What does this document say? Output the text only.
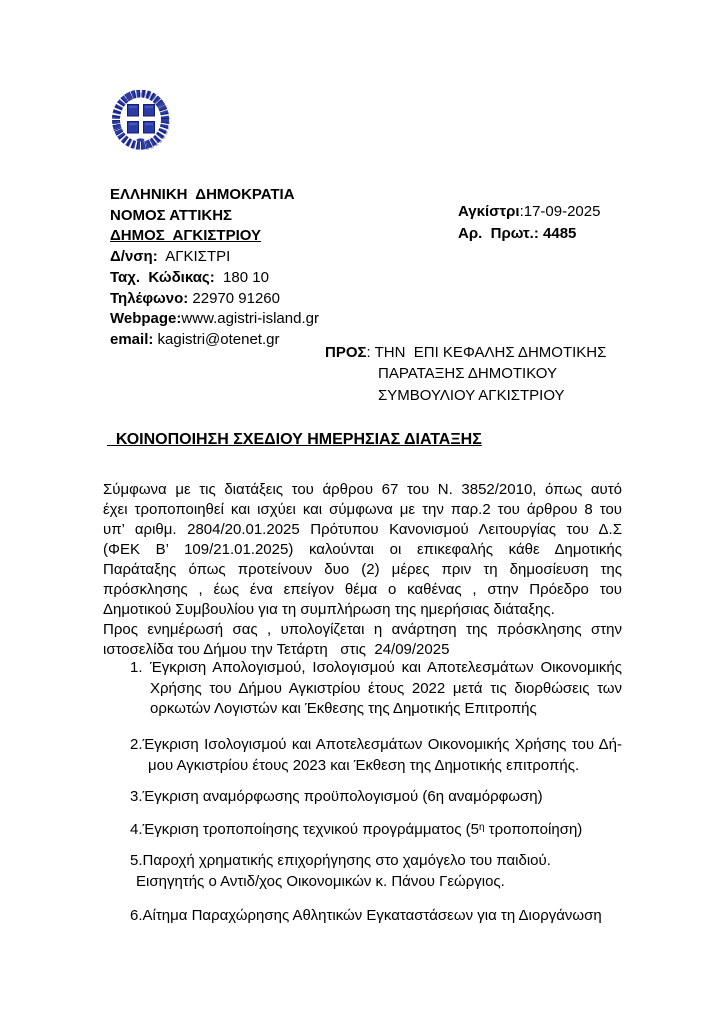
ΕΛΛΗΝΙΚΗ  ΔΗΜΟΚΡΑΤΙΑ
ΝΟΜΟΣ ΑΤΤΙΚΗΣ
ΔΗΜΟΣ  ΑΓΚΙΣΤΡΙΟΥ
Δ/νση:  ΑΓΚΙΣΤΡΙ
Ταχ.  Κώδικας:  180 10
Τηλέφωνο: 22970 91260
Webpage:www.agistri-island.gr
email: kagistri@otenet.gr
Αγκίστρι:17-09-2025
Αρ.  Πρωτ.: 4485
ΠΡΟΣ: ΤΗΝ  ΕΠΙ ΚΕΦΑΛΗΣ ΔΗΜΟΤΙΚΗΣ
ΠΑΡΑΤΑΞΗΣ ΔΗΜΟΤΙΚΟΥ
ΣΥΜΒΟΥΛΙΟΥ ΑΓΚΙΣΤΡΙΟΥ
ΚΟΙΝΟΠΟΙΗΣΗ ΣΧΕΔΙΟΥ ΗΜΕΡΗΣΙΑΣ ΔΙΑΤΑΞΗΣ
Σύμφωνα με τις διατάξεις του άρθρου 67 του Ν. 3852/2010, όπως αυτό
έχει τροποποιηθεί και ισχύει και σύμφωνα με την παρ.2 του άρθρου 8 του
υπ’ αριθμ. 2804/20.01.2025 Πρότυπου Κανονισμού Λειτουργίας του Δ.Σ
(ΦΕΚ Β’ 109/21.01.2025) καλούνται οι επικεφαλής κάθε Δημοτικής
Παράταξης όπως προτείνουν δυο (2) μέρες πριν τη δημοσίευση της
πρόσκλησης , έως ένα επείγον θέμα ο καθένας , στην Πρόεδρο του
Δημοτικού Συμβουλίου για τη συμπλήρωση της ημερήσιας διάταξης.
Προς ενημέρωσή σας , υπολογίζεται η ανάρτηση της πρόσκλησης στην
ιστοσελίδα του Δήμου την Τετάρτη   στις  24/09/2025
1. Έγκριση Απολογισμού, Ισολογισμού και Αποτελεσμάτων Οικονομικής
Χρήσης του Δήμου Αγκιστρίου έτους 2022 μετά τις διορθώσεις των
ορκωτών Λογιστών και Έκθεσης της Δημοτικής Επιτροπής
2.Έγκριση Ισολογισμού και Αποτελεσμάτων Οικονομικής Χρήσης του Δή-
μου Αγκιστρίου έτους 2023 και Έκθεση της Δημοτικής επιτροπής.
3.Έγκριση αναμόρφωσης προϋπολογισμού (6η αναμόρφωση)
4.Έγκριση τροποποίησης τεχνικού προγράμματος ($5^\eta$ τροποποίηση)
5.Παροχή χρηματικής επιχορήγησης στο χαμόγελο του παιδιού.
Εισηγητής ο Αντιδ/χος Οικονομικών κ. Πάνου Γεώργιος.
6.Αίτημα Παραχώρησης Αθλητικών Εγκαταστάσεων για τη Διοργάνωση
